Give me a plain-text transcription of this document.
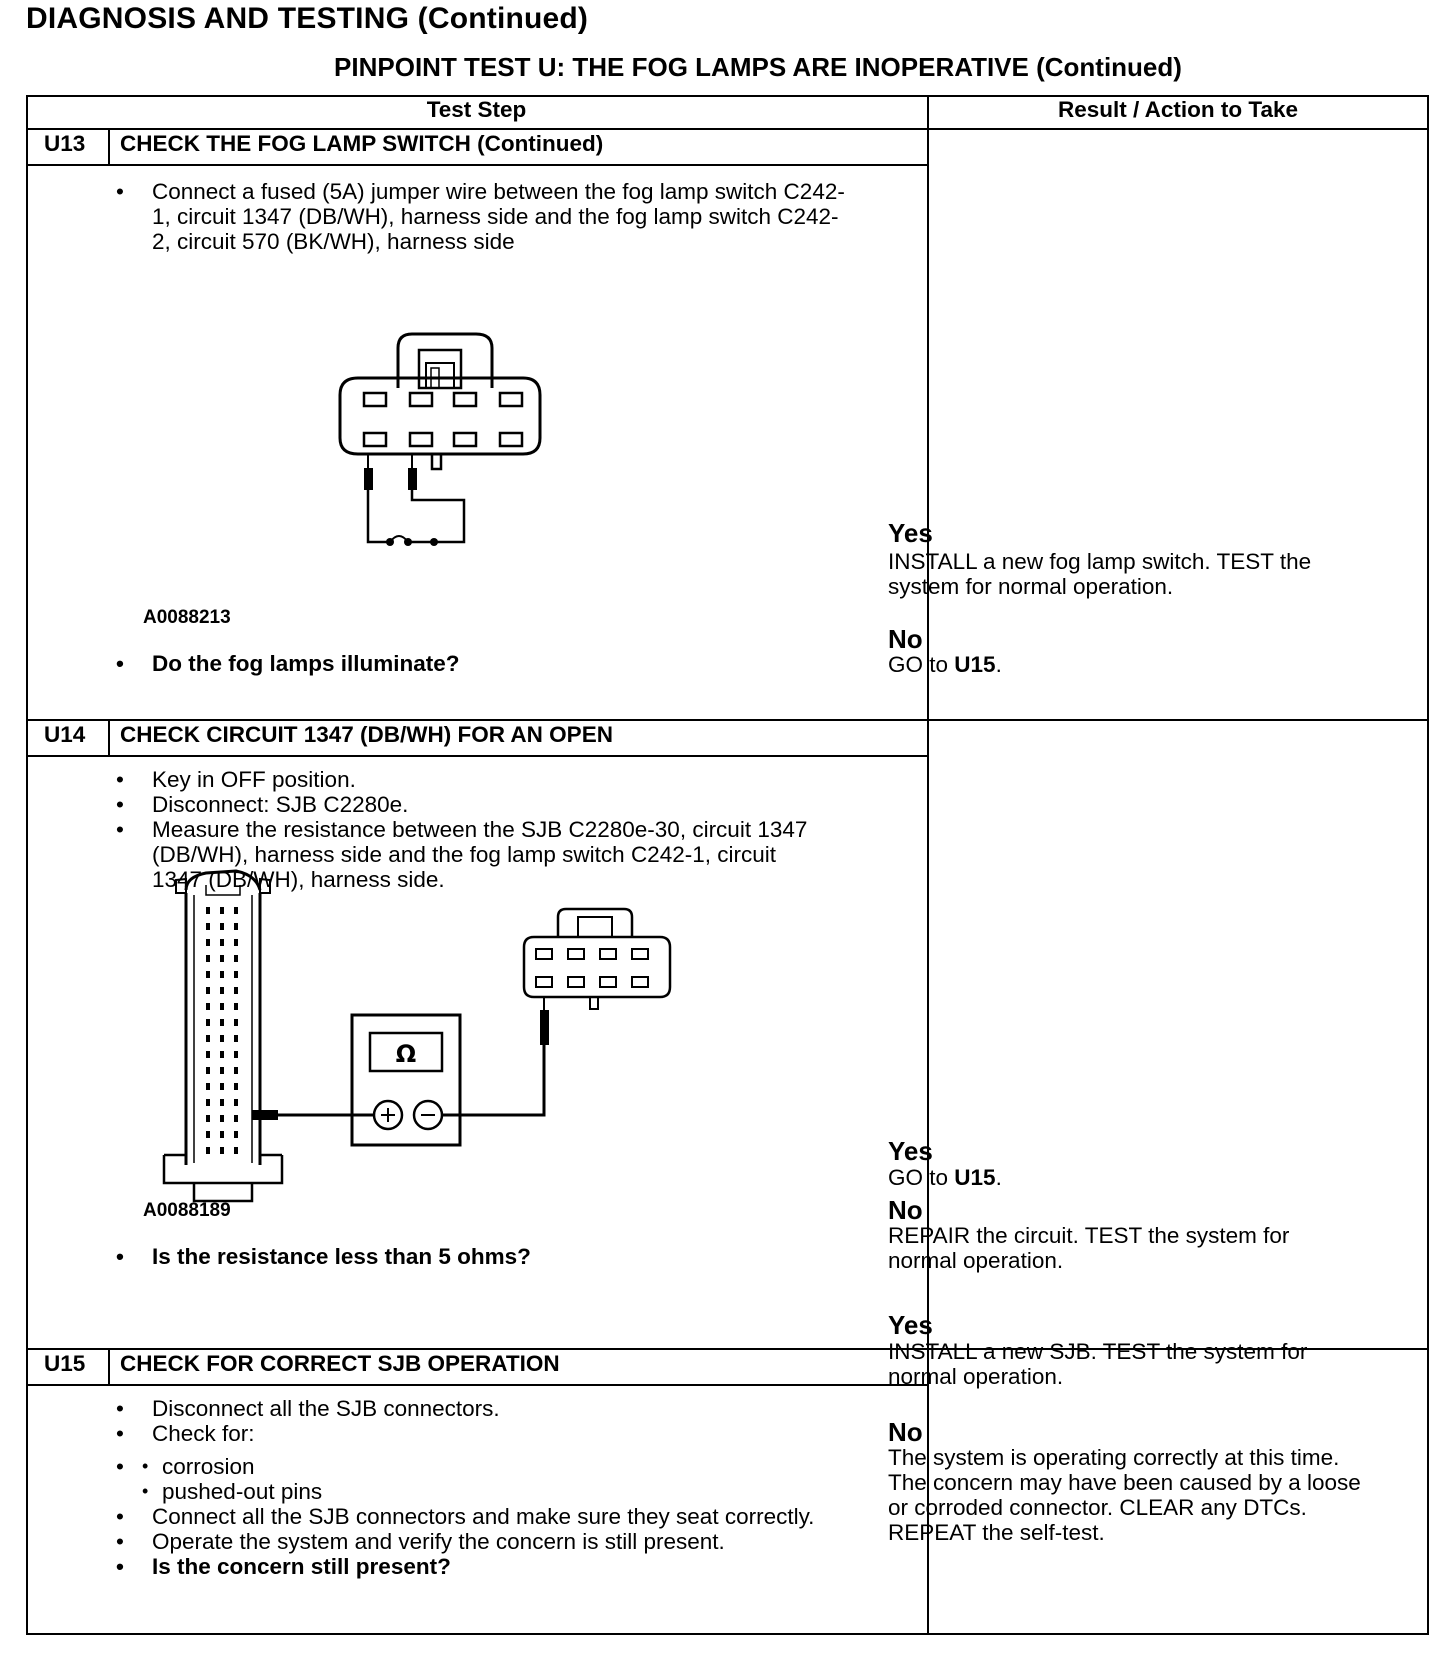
DIAGNOSIS AND TESTING (Continued)
PINPOINT TEST U: THE FOG LAMPS ARE INOPERATIVE (Continued)
Test Step	Result / Action to Take
U13 CHECK THE FOG LAMP SWITCH (Continued)
• Connect a fused (5A) jumper wire between the fog lamp switch C242-1, circuit 1347 (DB/WH), harness side and the fog lamp switch C242-2, circuit 570 (BK/WH), harness side
A0088213
• Do the fog lamps illuminate?
Yes
INSTALL a new fog lamp switch. TEST the system for normal operation.
No
GO to U15.
U14 CHECK CIRCUIT 1347 (DB/WH) FOR AN OPEN
• Key in OFF position.
• Disconnect: SJB C2280e.
• Measure the resistance between the SJB C2280e-30, circuit 1347 (DB/WH), harness side and the fog lamp switch C242-1, circuit 1347 (DB/WH), harness side.
Ω
A0088189
• Is the resistance less than 5 ohms?
Yes
GO to U15.
No
REPAIR the circuit. TEST the system for normal operation.
U15 CHECK FOR CORRECT SJB OPERATION
• Disconnect all the SJB connectors.
• Check for:
• • corrosion
• pushed-out pins
• Connect all the SJB connectors and make sure they seat correctly.
• Operate the system and verify the concern is still present.
• Is the concern still present?
Yes
INSTALL a new SJB. TEST the system for normal operation.
No
The system is operating correctly at this time. The concern may have been caused by a loose or corroded connector. CLEAR any DTCs. REPEAT the self-test.
